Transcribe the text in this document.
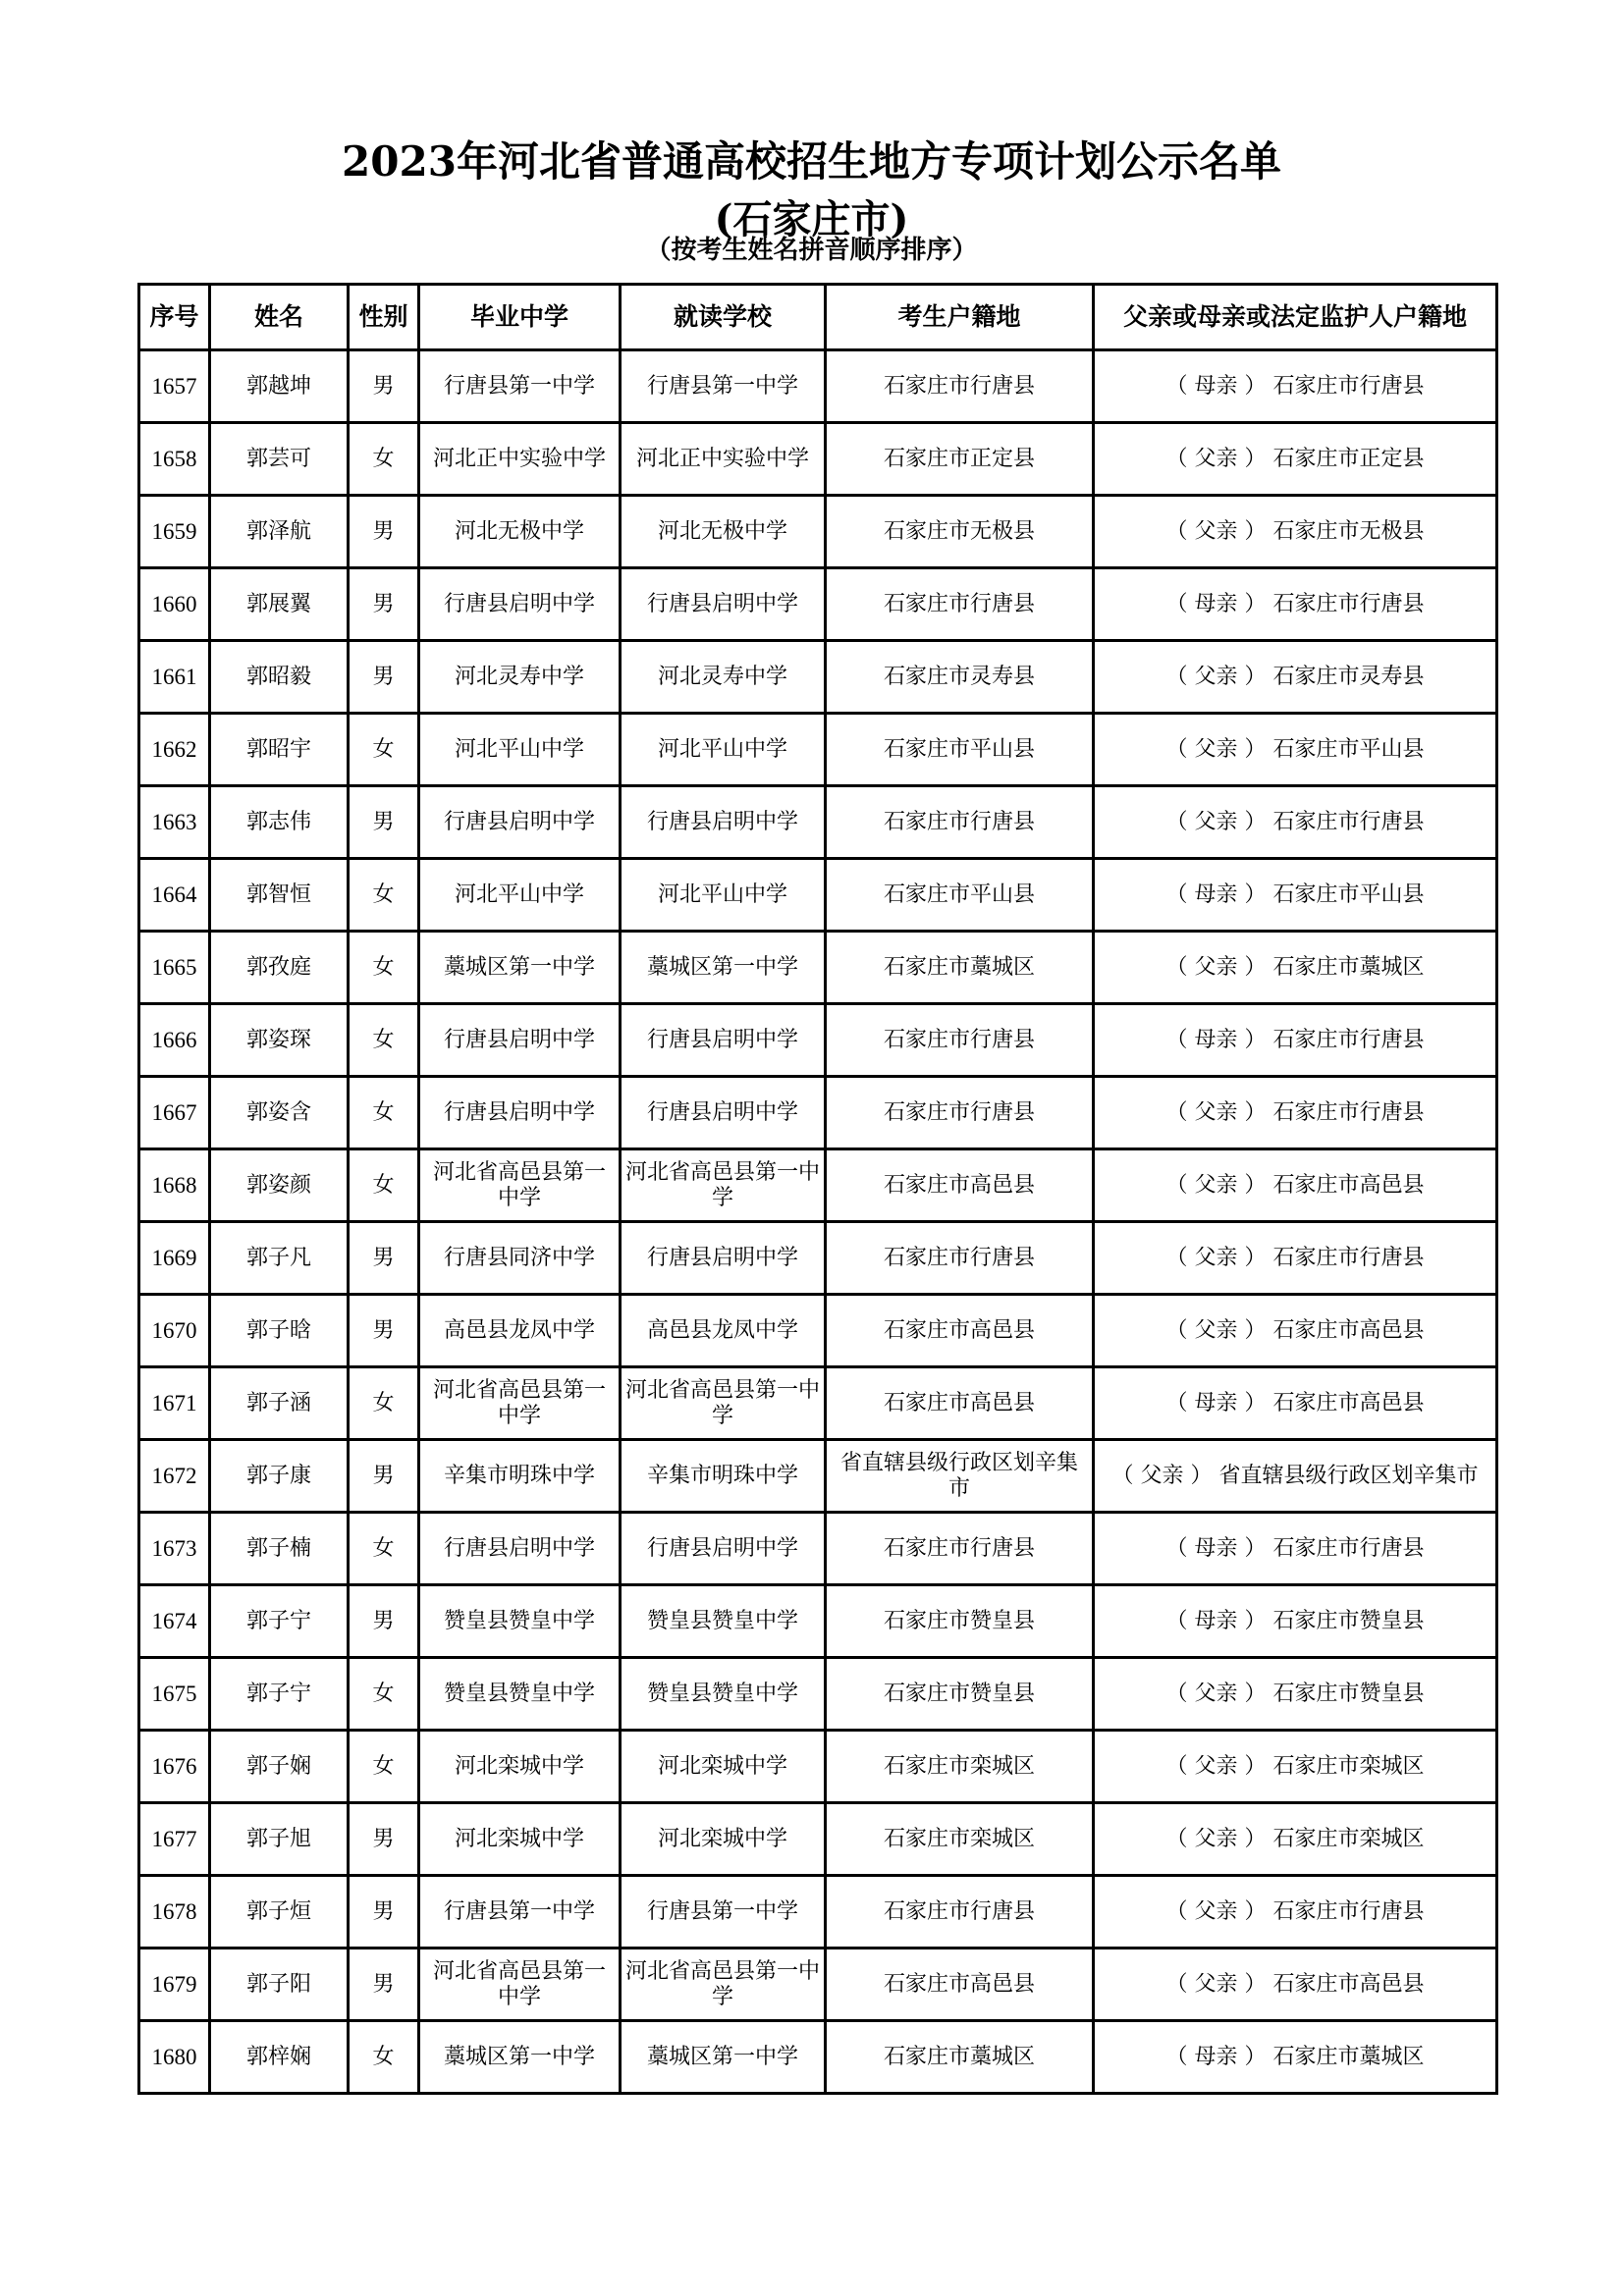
2023年河北省普通高校招生地方专项计划公示名单
(石家庄市)
（按考生姓名拼音顺序排序）
序号	姓名	性别	毕业中学	就读学校	考生户籍地	父亲或母亲或法定监护人户籍地
1657	郭越坤	男	行唐县第一中学	行唐县第一中学	石家庄市行唐县	（ 母亲 ） 石家庄市行唐县
1658	郭芸可	女	河北正中实验中学	河北正中实验中学	石家庄市正定县	（ 父亲 ） 石家庄市正定县
1659	郭泽航	男	河北无极中学	河北无极中学	石家庄市无极县	（ 父亲 ） 石家庄市无极县
1660	郭展翼	男	行唐县启明中学	行唐县启明中学	石家庄市行唐县	（ 母亲 ） 石家庄市行唐县
1661	郭昭毅	男	河北灵寿中学	河北灵寿中学	石家庄市灵寿县	（ 父亲 ） 石家庄市灵寿县
1662	郭昭宇	女	河北平山中学	河北平山中学	石家庄市平山县	（ 父亲 ） 石家庄市平山县
1663	郭志伟	男	行唐县启明中学	行唐县启明中学	石家庄市行唐县	（ 父亲 ） 石家庄市行唐县
1664	郭智恒	女	河北平山中学	河北平山中学	石家庄市平山县	（ 母亲 ） 石家庄市平山县
1665	郭孜庭	女	藁城区第一中学	藁城区第一中学	石家庄市藁城区	（ 父亲 ） 石家庄市藁城区
1666	郭姿琛	女	行唐县启明中学	行唐县启明中学	石家庄市行唐县	（ 母亲 ） 石家庄市行唐县
1667	郭姿含	女	行唐县启明中学	行唐县启明中学	石家庄市行唐县	（ 父亲 ） 石家庄市行唐县
1668	郭姿颜	女	河北省高邑县第一中学	河北省高邑县第一中学	石家庄市高邑县	（ 父亲 ） 石家庄市高邑县
1669	郭子凡	男	行唐县同济中学	行唐县启明中学	石家庄市行唐县	（ 父亲 ） 石家庄市行唐县
1670	郭子晗	男	高邑县龙凤中学	高邑县龙凤中学	石家庄市高邑县	（ 父亲 ） 石家庄市高邑县
1671	郭子涵	女	河北省高邑县第一中学	河北省高邑县第一中学	石家庄市高邑县	（ 母亲 ） 石家庄市高邑县
1672	郭子康	男	辛集市明珠中学	辛集市明珠中学	省直辖县级行政区划辛集市	（ 父亲 ） 省直辖县级行政区划辛集市
1673	郭子楠	女	行唐县启明中学	行唐县启明中学	石家庄市行唐县	（ 母亲 ） 石家庄市行唐县
1674	郭子宁	男	赞皇县赞皇中学	赞皇县赞皇中学	石家庄市赞皇县	（ 母亲 ） 石家庄市赞皇县
1675	郭子宁	女	赞皇县赞皇中学	赞皇县赞皇中学	石家庄市赞皇县	（ 父亲 ） 石家庄市赞皇县
1676	郭子娴	女	河北栾城中学	河北栾城中学	石家庄市栾城区	（ 父亲 ） 石家庄市栾城区
1677	郭子旭	男	河北栾城中学	河北栾城中学	石家庄市栾城区	（ 父亲 ） 石家庄市栾城区
1678	郭子烜	男	行唐县第一中学	行唐县第一中学	石家庄市行唐县	（ 父亲 ） 石家庄市行唐县
1679	郭子阳	男	河北省高邑县第一中学	河北省高邑县第一中学	石家庄市高邑县	（ 父亲 ） 石家庄市高邑县
1680	郭梓娴	女	藁城区第一中学	藁城区第一中学	石家庄市藁城区	（ 母亲 ） 石家庄市藁城区
